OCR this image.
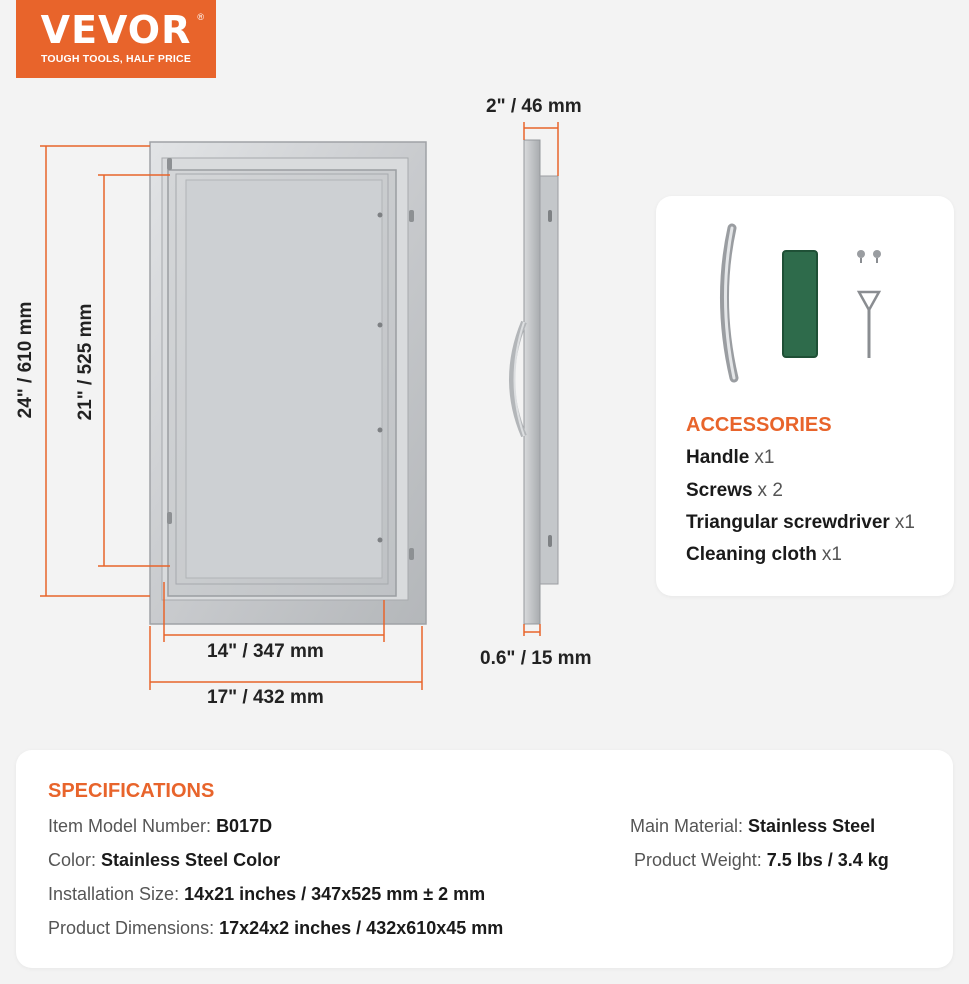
VEVOR ®
TOUGH TOOLS, HALF PRICE
24" / 610 mm 21" / 525 mm
14" / 347 mm
17" / 432 mm
2" / 46 mm
0.6" / 15 mm
ACCESSORIES
Handle x1
Screws x 2
Triangular screwdriver x1
Cleaning cloth x1
SPECIFICATIONS
Item Model Number: B017D
Color: Stainless Steel Color
Installation Size: 14x21 inches / 347x525 mm ± 2 mm
Product Dimensions: 17x24x2 inches / 432x610x45 mm
Main Material: Stainless Steel
Product Weight: 7.5 lbs / 3.4 kg
